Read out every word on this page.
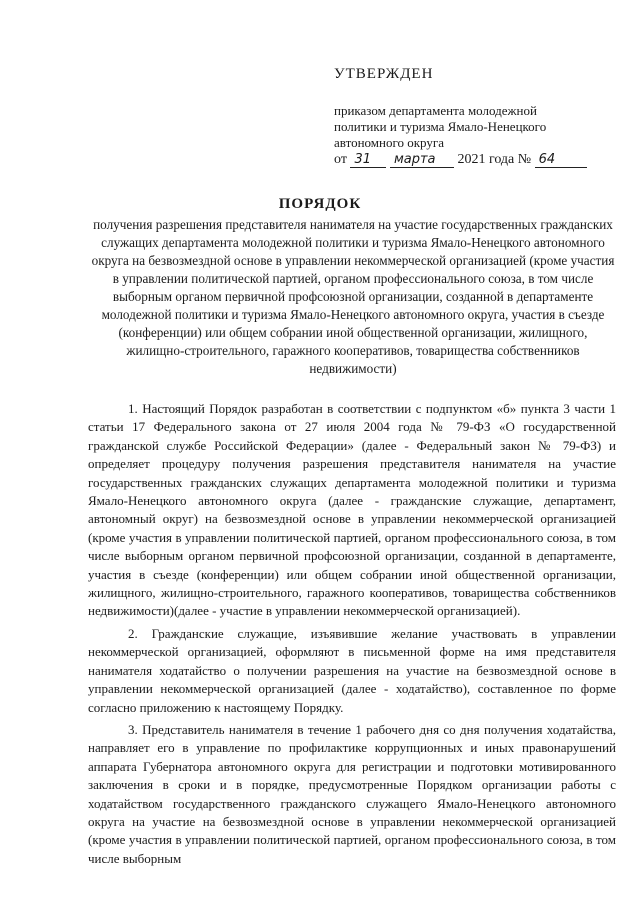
УТВЕРЖДЕН
приказом департамента молодежной
политики и туризма Ямало-Ненецкого
автономного округа
от 31 марта 2021 года № 64
ПОРЯДОК
получения разрешения представителя нанимателя на участие государственных гражданских служащих департамента молодежной политики и туризма Ямало-Ненецкого автономного округа на безвозмездной основе в управлении некоммерческой организацией (кроме участия в управлении политической партией, органом профессионального союза, в том числе выборным органом первичной профсоюзной организации, созданной в департаменте молодежной политики и туризма Ямало-Ненецкого автономного округа, участия в съезде (конференции) или общем собрании иной общественной организации, жилищного, жилищно-строительного, гаражного кооперативов, товарищества собственников недвижимости)

1. Настоящий Порядок разработан в соответствии с подпунктом «б» пункта 3 части 1 статьи 17 Федерального закона от 27 июля 2004 года № 79-ФЗ «О государственной гражданской службе Российской Федерации» (далее - Федеральный закон № 79-ФЗ) и определяет процедуру получения разрешения представителя нанимателя на участие государственных гражданских служащих департамента молодежной политики и туризма Ямало-Ненецкого автономного округа (далее - гражданские служащие, департамент, автономный округ) на безвозмездной основе в управлении некоммерческой организацией (кроме участия в управлении политической партией, органом профессионального союза, в том числе выборным органом первичной профсоюзной организации, созданной в департаменте, участия в съезде (конференции) или общем собрании иной общественной организации, жилищного, жилищно-строительного, гаражного кооперативов, товарищества собственников недвижимости)(далее - участие в управлении некоммерческой организацией).

2. Гражданские служащие, изъявившие желание участвовать в управлении некоммерческой организацией, оформляют в письменной форме на имя представителя нанимателя ходатайство о получении разрешения на участие на безвозмездной основе в управлении некоммерческой организацией (далее - ходатайство), составленное по форме согласно приложению к настоящему Порядку.

3. Представитель нанимателя в течение 1 рабочего дня со дня получения ходатайства, направляет его в управление по профилактике коррупционных и иных правонарушений аппарата Губернатора автономного округа для регистрации и подготовки мотивированного заключения в сроки и в порядке, предусмотренные Порядком организации работы с ходатайством государственного гражданского служащего Ямало-Ненецкого автономного округа на участие на безвозмездной основе в управлении некоммерческой организацией (кроме участия в управлении политической партией, органом профессионального союза, в том числе выборным
